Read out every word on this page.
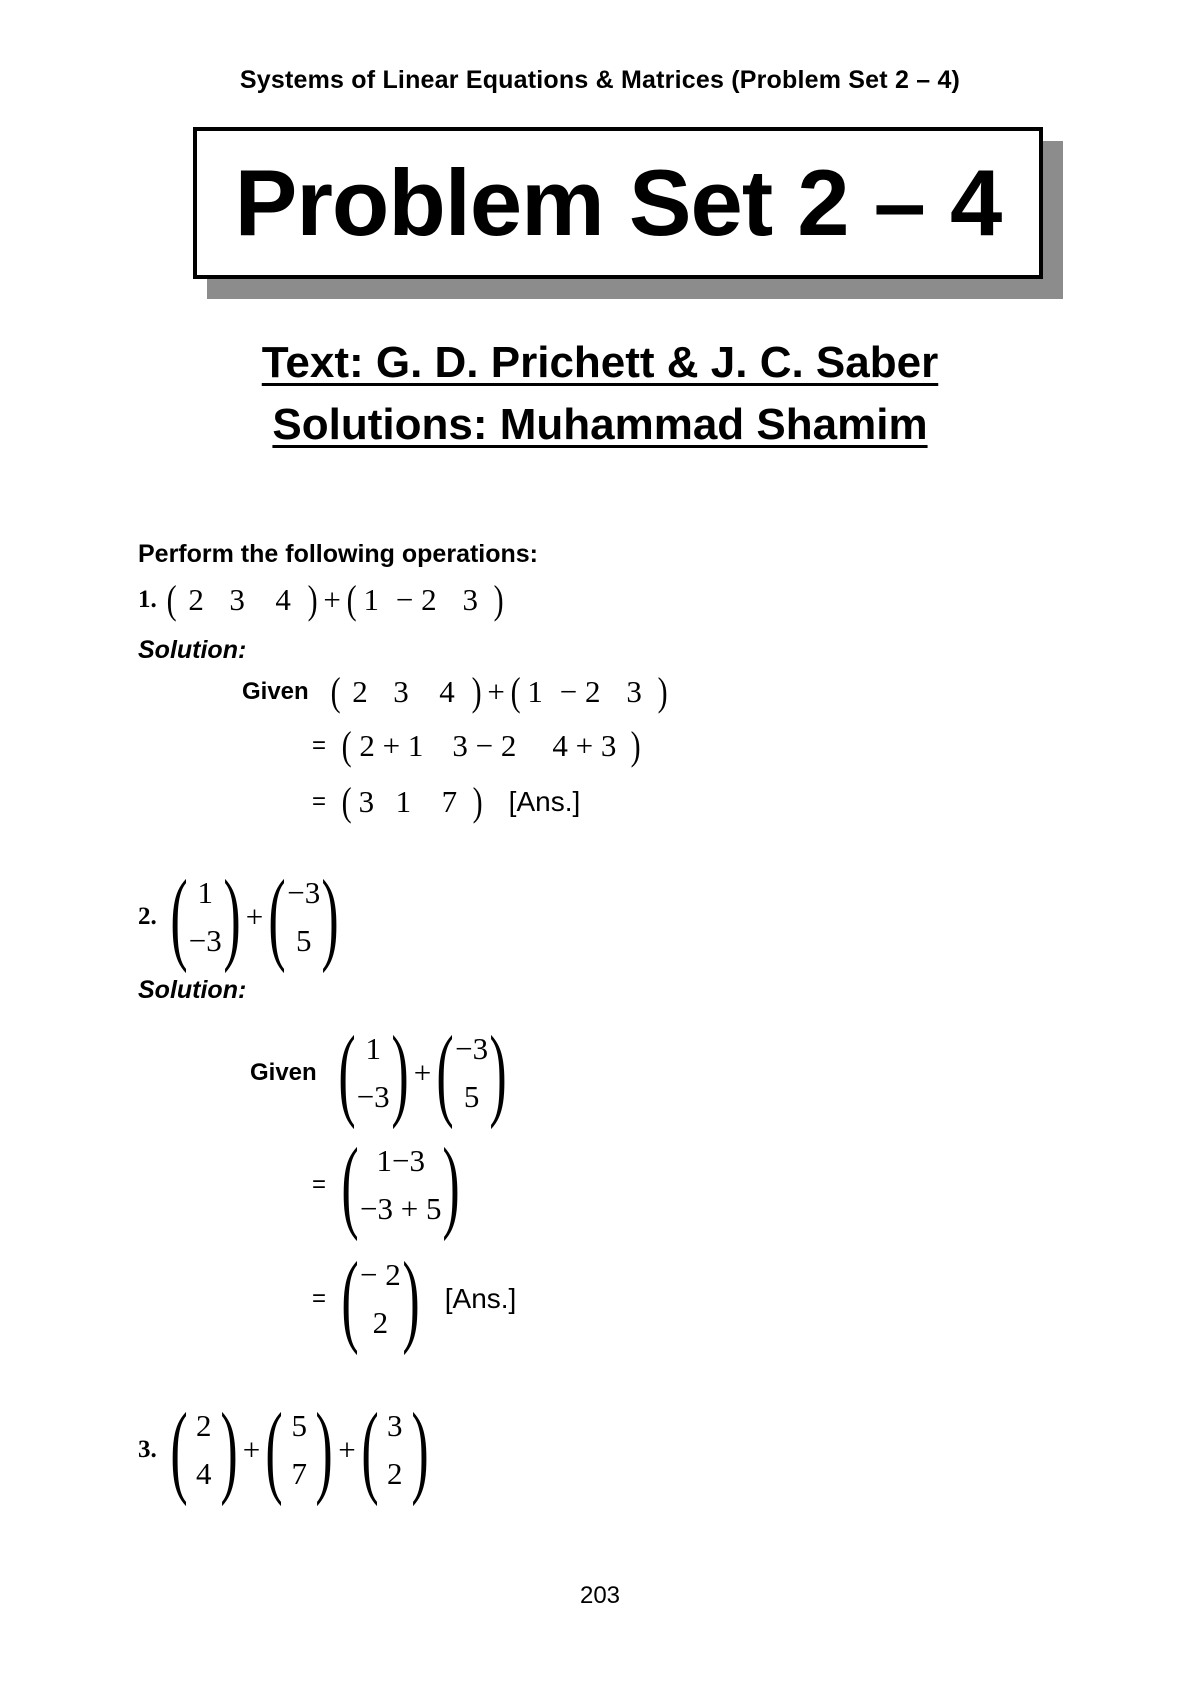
Systems of Linear Equations & Matrices (Problem Set 2 – 4)
Problem Set 2 – 4
Text: G. D. Prichett & J. C. Saber
Solutions: Muhammad Shamim
Perform the following operations:
1. ( 2 3 4 ) + ( 1 − 2 3 )
Solution:
Given ( 2 3 4 ) + ( 1 − 2 3 )
= ( 2 + 1 3 − 2	4 + 3 )
= ( 3 1 7 ) [Ans.]
2. ( 1
−3 ) + ( −3
5 )
Solution:
Given ( 1
−3 ) + ( −3
5 )
= ( 1−3
−3 + 5 )
= ( − 2
2 ) [Ans.]
3. ( 2
4 ) + ( 5
7 ) + ( 3
2 )
203
